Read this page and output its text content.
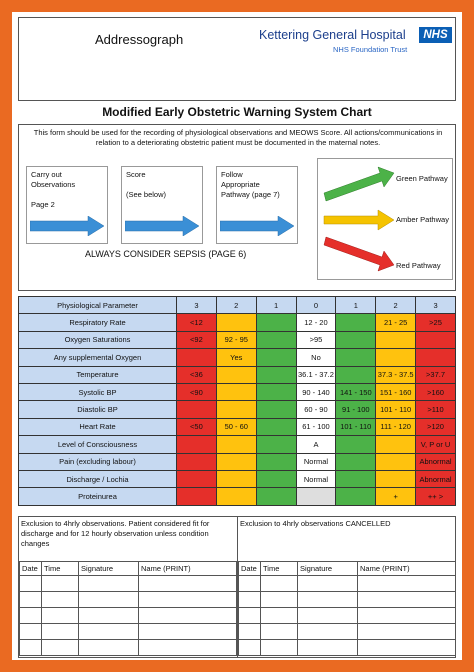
Addressograph	Kettering General Hospital
NHS Foundation Trust
NHS
Modified Early Obstetric Warning System Chart
This form should be used for the recording of physiological observations and MEOWS Score. All actions/communications in relation to a deteriorating obstetric patient must be documented in the maternal notes.
Carry out
Observations
Page 2
Score
(See below)
Follow
Appropriate
Pathway (page 7)
ALWAYS CONSIDER SEPSIS (PAGE 6)
Green Pathway
Amber Pathway
Red Pathway
Physiological Parameter	3	2	1	0	1	2	3
Respiratory Rate	<12			12 - 20		21 - 25	>25
Oxygen Saturations	<92	92 - 95		>95			
Any supplemental Oxygen		Yes		No			
Temperature	<36			36.1 - 37.2		37.3 - 37.5	>37.7
Systolic BP	<90			90 - 140	141 - 150	151 - 160	>160
Diastolic BP				60 - 90	91 - 100	101 - 110	>110
Heart Rate	<50	50 - 60		61 - 100	101 - 110	111 - 120	>120
Level of Consciousness				A			V, P or U
Pain (excluding labour)				Normal			Abnormal
Discharge / Lochia				Normal			Abnormal
Proteinurea						+	++ >
Exclusion to 4hrly observations. Patient considered fit for discharge and for 12 hourly observation unless condition changes
Date	Time	Signature	Name (PRINT)

Exclusion to 4hrly observations CANCELLED
Date	Time	Signature	Name (PRINT)
